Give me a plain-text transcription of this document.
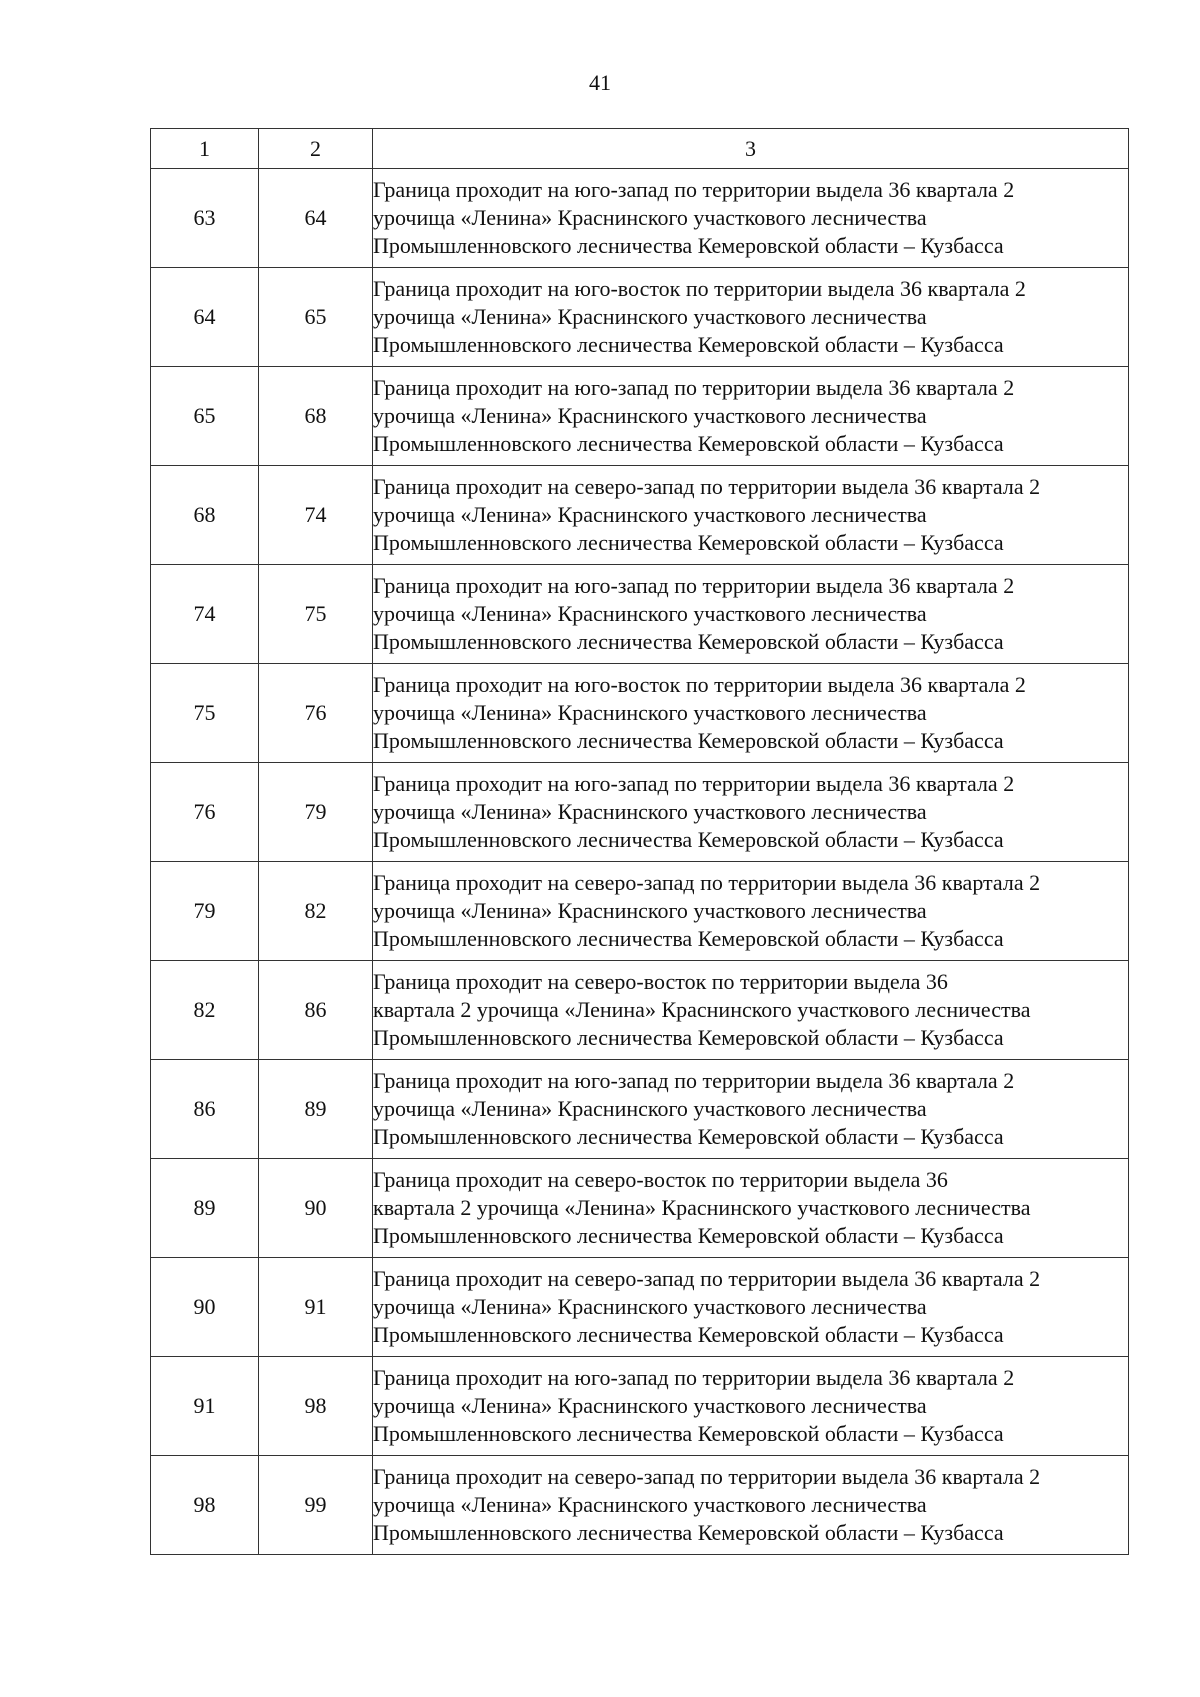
41
1	2	3
63	64	Граница проходит на юго-запад по территории выдела 36 квартала 2
урочища «Ленина» Краснинского участкового лесничества
Промышленновского лесничества Кемеровской области – Кузбасса
64	65	Граница проходит на юго-восток по территории выдела 36 квартала 2
урочища «Ленина» Краснинского участкового лесничества
Промышленновского лесничества Кемеровской области – Кузбасса
65	68	Граница проходит на юго-запад по территории выдела 36 квартала 2
урочища «Ленина» Краснинского участкового лесничества
Промышленновского лесничества Кемеровской области – Кузбасса
68	74	Граница проходит на северо-запад по территории выдела 36 квартала 2
урочища «Ленина» Краснинского участкового лесничества
Промышленновского лесничества Кемеровской области – Кузбасса
74	75	Граница проходит на юго-запад по территории выдела 36 квартала 2
урочища «Ленина» Краснинского участкового лесничества
Промышленновского лесничества Кемеровской области – Кузбасса
75	76	Граница проходит на юго-восток по территории выдела 36 квартала 2
урочища «Ленина» Краснинского участкового лесничества
Промышленновского лесничества Кемеровской области – Кузбасса
76	79	Граница проходит на юго-запад по территории выдела 36 квартала 2
урочища «Ленина» Краснинского участкового лесничества
Промышленновского лесничества Кемеровской области – Кузбасса
79	82	Граница проходит на северо-запад по территории выдела 36 квартала 2
урочища «Ленина» Краснинского участкового лесничества
Промышленновского лесничества Кемеровской области – Кузбасса
82	86	Граница проходит на северо-восток по территории выдела 36
квартала 2 урочища «Ленина» Краснинского участкового лесничества
Промышленновского лесничества Кемеровской области – Кузбасса
86	89	Граница проходит на юго-запад по территории выдела 36 квартала 2
урочища «Ленина» Краснинского участкового лесничества
Промышленновского лесничества Кемеровской области – Кузбасса
89	90	Граница проходит на северо-восток по территории выдела 36
квартала 2 урочища «Ленина» Краснинского участкового лесничества
Промышленновского лесничества Кемеровской области – Кузбасса
90	91	Граница проходит на северо-запад по территории выдела 36 квартала 2
урочища «Ленина» Краснинского участкового лесничества
Промышленновского лесничества Кемеровской области – Кузбасса
91	98	Граница проходит на юго-запад по территории выдела 36 квартала 2
урочища «Ленина» Краснинского участкового лесничества
Промышленновского лесничества Кемеровской области – Кузбасса
98	99	Граница проходит на северо-запад по территории выдела 36 квартала 2
урочища «Ленина» Краснинского участкового лесничества
Промышленновского лесничества Кемеровской области – Кузбасса
